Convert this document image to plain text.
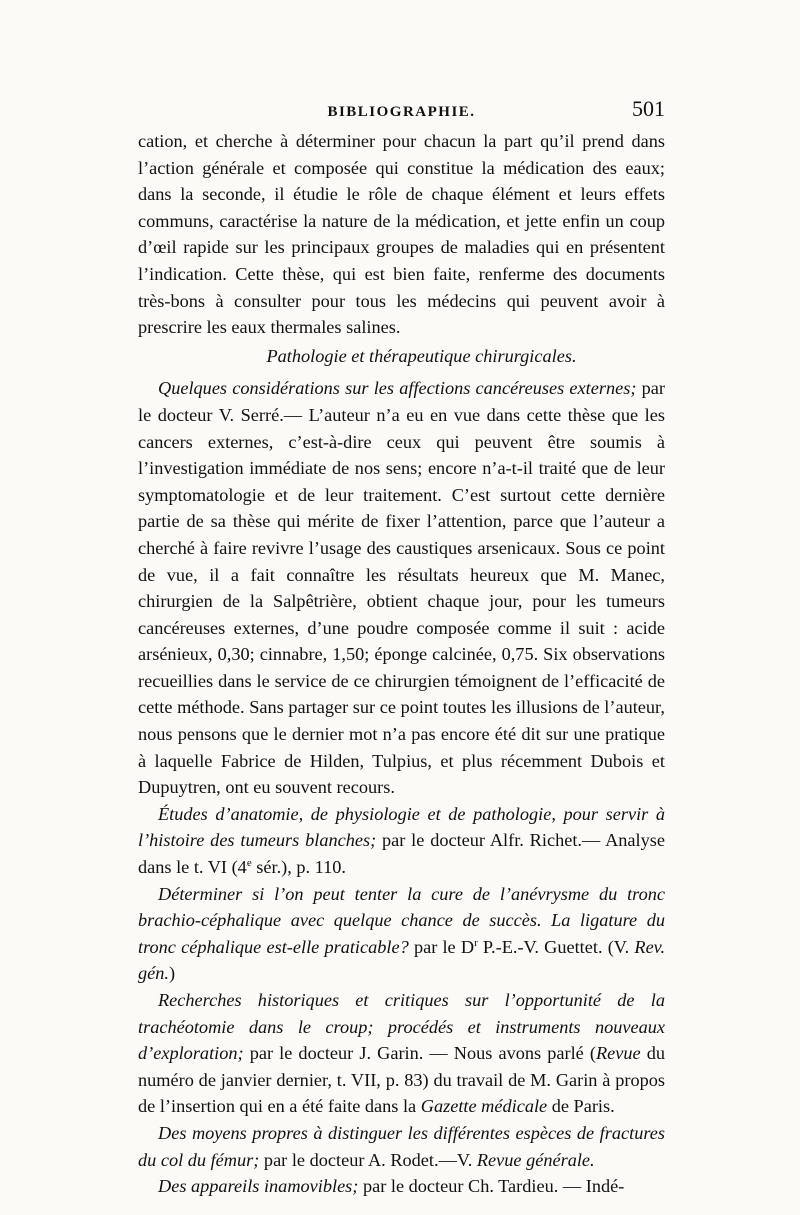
BIBLIOGRAPHIE.	501

cation, et cherche à déterminer pour chacun la part qu’il prend dans l’action générale et composée qui constitue la médication des eaux; dans la seconde, il étudie le rôle de chaque élément et leurs effets communs, caractérise la nature de la médication, et jette enfin un coup d’œil rapide sur les principaux groupes de maladies qui en présentent l’indication. Cette thèse, qui est bien faite, renferme des documents très-bons à consulter pour tous les médecins qui peuvent avoir à prescrire les eaux thermales salines.

Pathologie et thérapeutique chirurgicales.

Quelques considérations sur les affections cancéreuses externes; par le docteur V. Serré.— L’auteur n’a eu en vue dans cette thèse que les cancers externes, c’est-à-dire ceux qui peuvent être soumis à l’investigation immédiate de nos sens; encore n’a-t-il traité que de leur symptomatologie et de leur traitement. C’est surtout cette dernière partie de sa thèse qui mérite de fixer l’attention, parce que l’auteur a cherché à faire revivre l’usage des caustiques arsenicaux. Sous ce point de vue, il a fait connaître les résultats heureux que M. Manec, chirurgien de la Salpêtrière, obtient chaque jour, pour les tumeurs cancéreuses externes, d’une poudre composée comme il suit : acide arsénieux, 0,30; cinnabre, 1,50; éponge calcinée, 0,75. Six observations recueillies dans le service de ce chirurgien témoignent de l’efficacité de cette méthode. Sans partager sur ce point toutes les illusions de l’auteur, nous pensons que le dernier mot n’a pas encore été dit sur une pratique à laquelle Fabrice de Hilden, Tulpius, et plus récemment Dubois et Dupuytren, ont eu souvent recours.

Études d’anatomie, de physiologie et de pathologie, pour servir à l’histoire des tumeurs blanches; par le docteur Alfr. Richet.— Analyse dans le t. VI (4e sér.), p. 110.

Déterminer si l’on peut tenter la cure de l’anévrysme du tronc brachio-céphalique avec quelque chance de succès. La ligature du tronc céphalique est-elle praticable? par le $D^r$ P.-E.-V. Guettet. (V. Rev. gén.)

Recherches historiques et critiques sur l’opportunité de la trachéotomie dans le croup; procédés et instruments nouveaux d’exploration; par le docteur J. Garin. — Nous avons parlé (Revue du numéro de janvier dernier, t. VII, p. 83) du travail de M. Garin à propos de l’insertion qui en a été faite dans la Gazette médicale de Paris.

Des moyens propres à distinguer les différentes espèces de fractures du col du fémur; par le docteur A. Rodet.—V. Revue générale.

Des appareils inamovibles; par le docteur Ch. Tardieu. — Indé-
